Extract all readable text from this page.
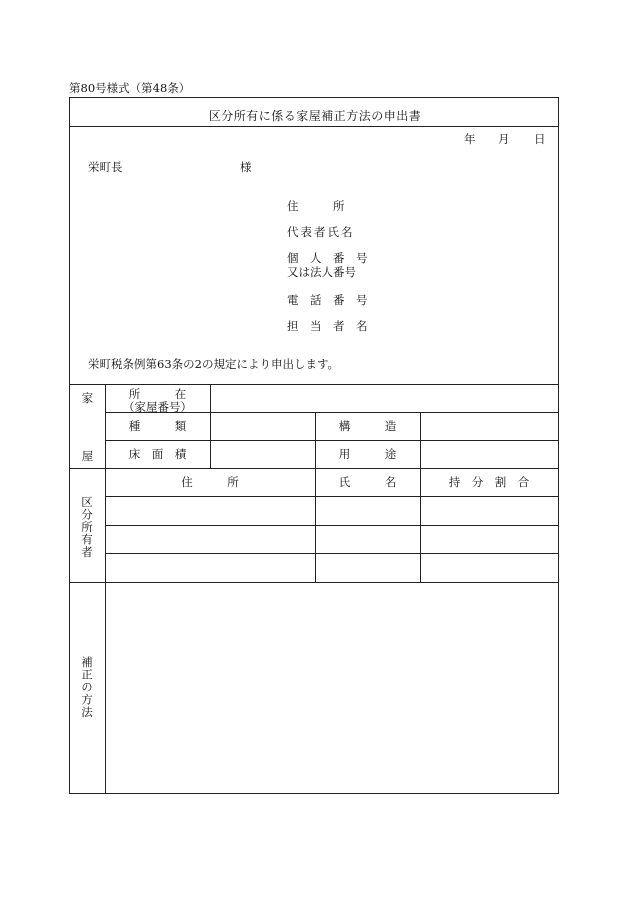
第80号様式（第48条）
区分所有に係る家屋補正方法の申出書
年 月 日
栄町長	様
住　　　所
代表者氏名
個　人　番　号
又は法人番号
電　話　番　号
担　当　者　名
栄町税条例第63条の2の規定により申出します。
家
屋
所　　　在
（家屋番号）
種　　　類	構　　　造
床　面　積	用　　　途
区分所有者
住　　　所	氏　　　名	持　分　割　合
補正の方法
